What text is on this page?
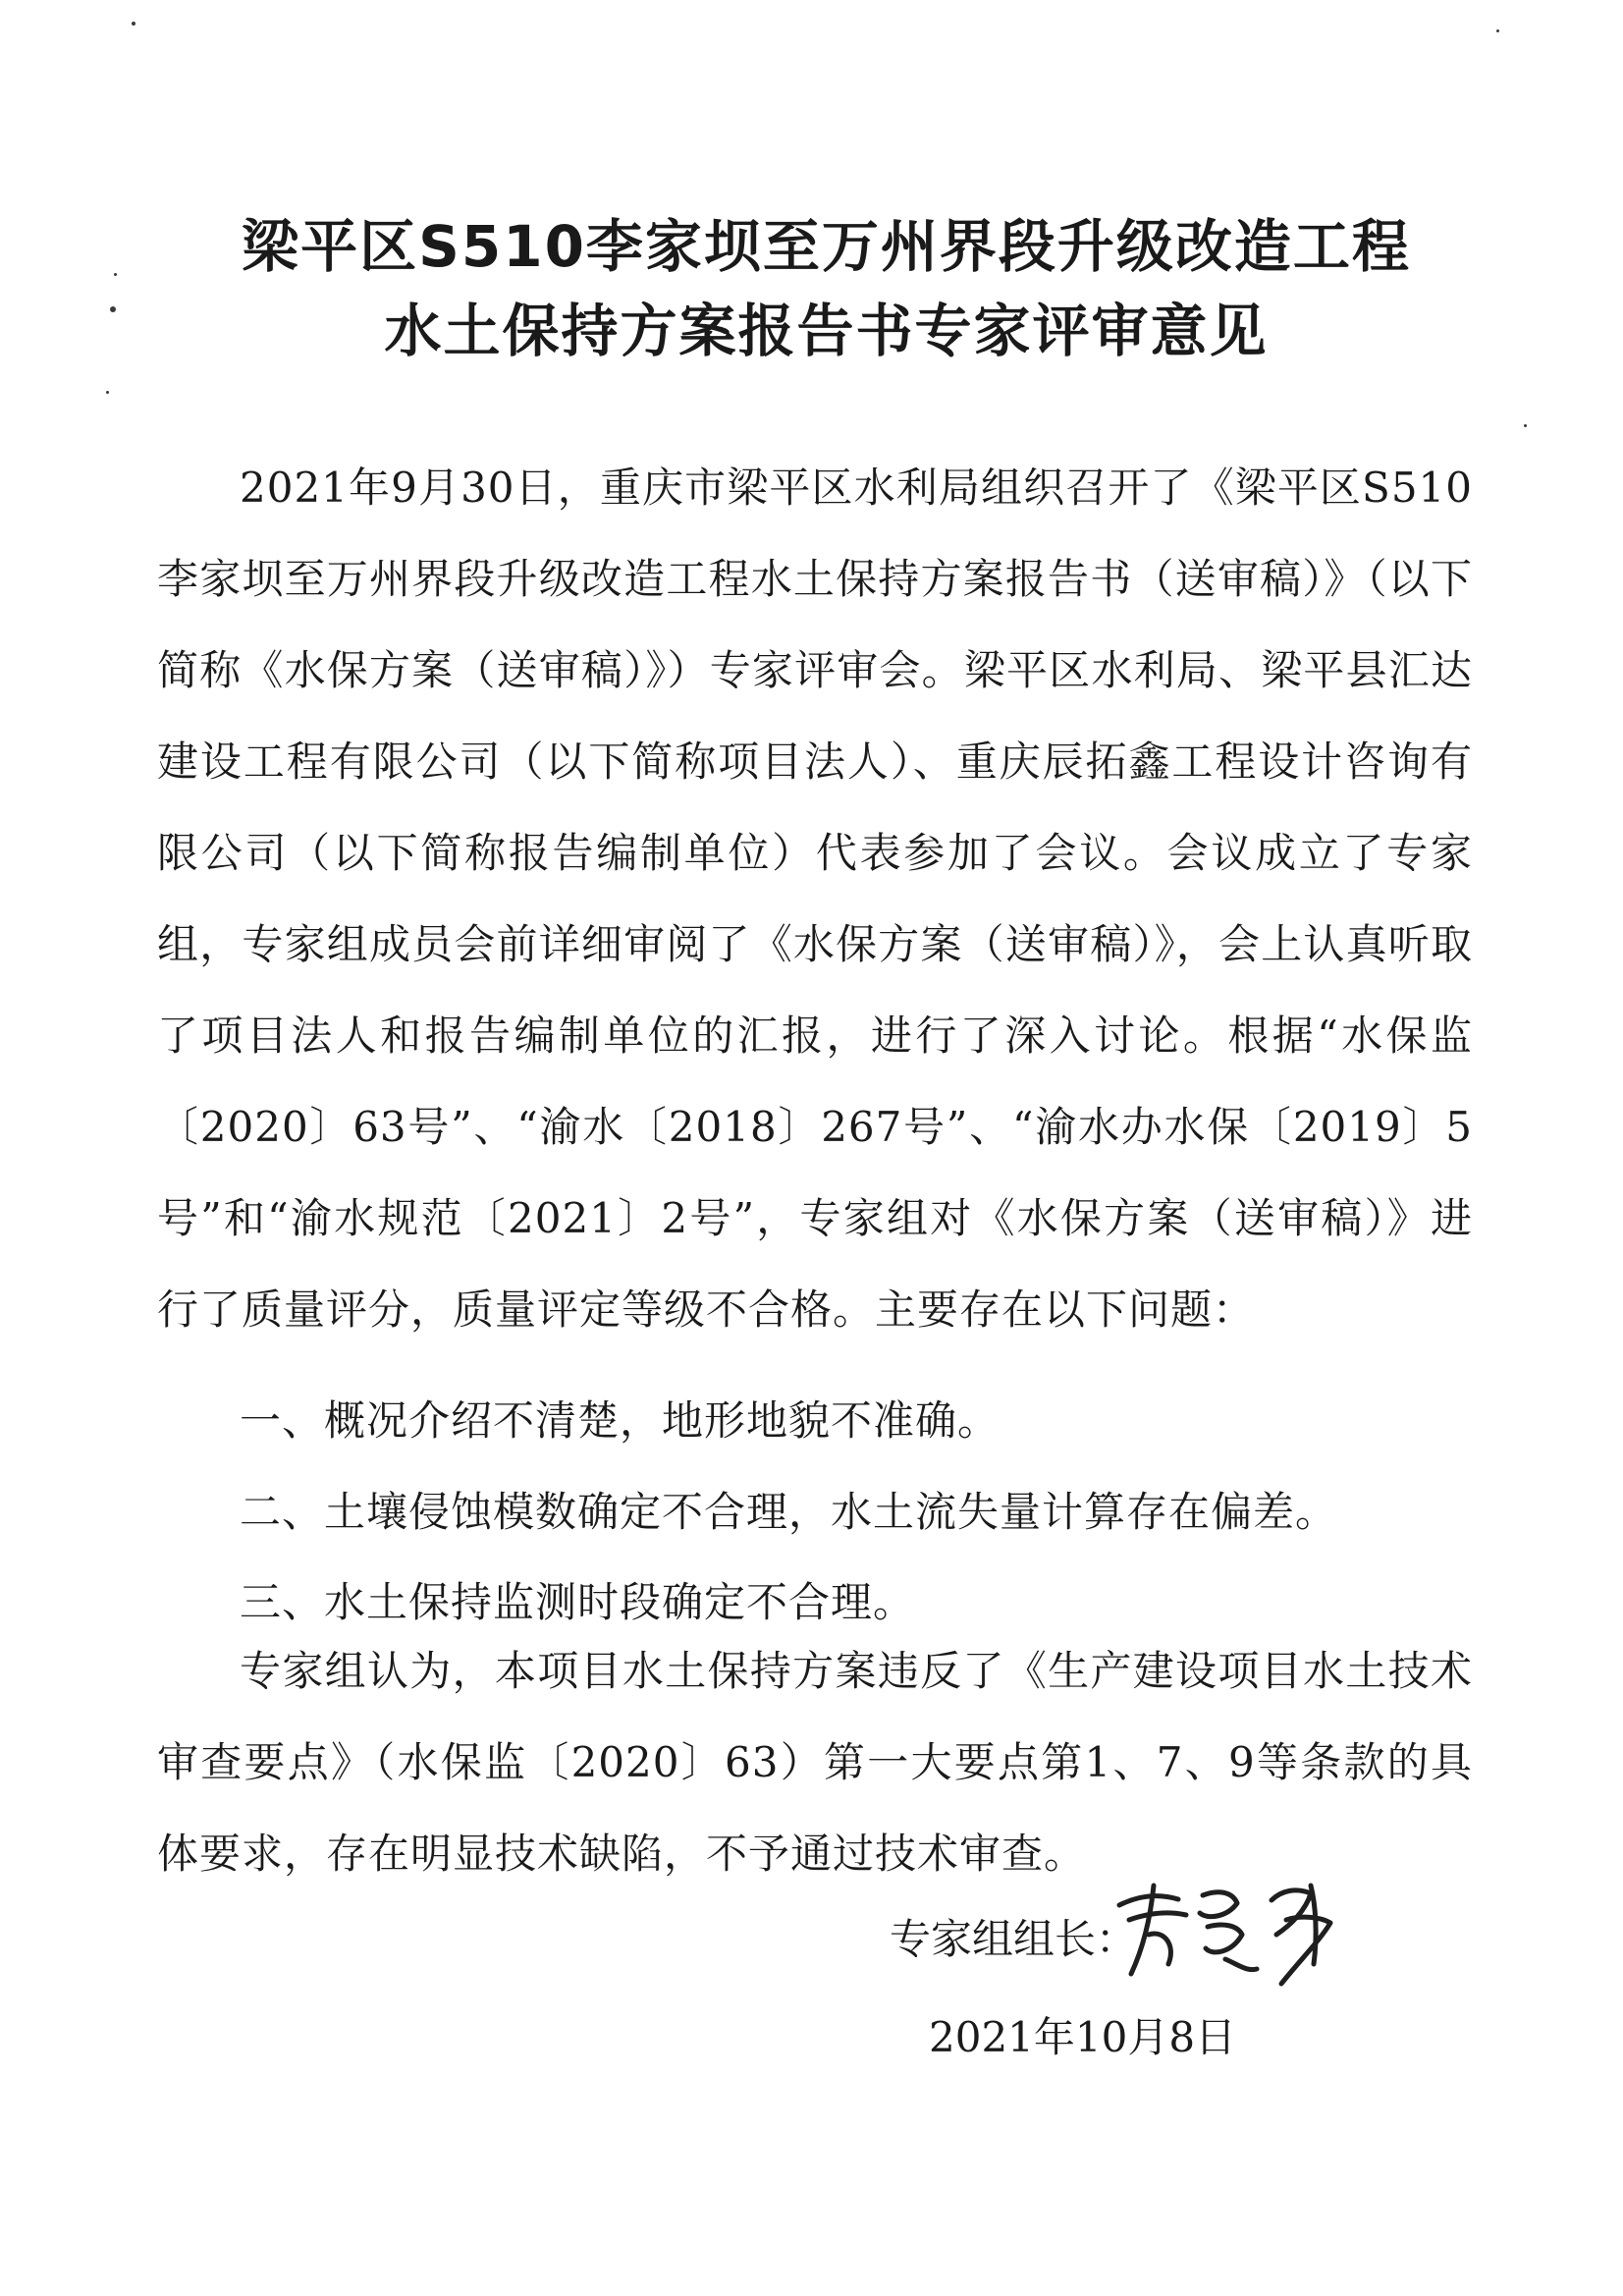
梁平区S510李家坝至万州界段升级改造工程
水土保持方案报告书专家评审意见
2021年9月30日，重庆市梁平区水利局组织召开了《梁平区S510李家坝至万州界段升级改造工程水土保持方案报告书（送审稿）》（以下简称《水保方案（送审稿）》）专家评审会。梁平区水利局、梁平县汇达建设工程有限公司（以下简称项目法人）、重庆辰拓鑫工程设计咨询有限公司（以下简称报告编制单位）代表参加了会议。会议成立了专家组，专家组成员会前详细审阅了《水保方案（送审稿）》，会上认真听取了项目法人和报告编制单位的汇报，进行了深入讨论。根据“水保监〔2020〕63号”、“渝水〔2018〕267号”、“渝水办水保〔2019〕5号”和“渝水规范〔2021〕2号”，专家组对《水保方案（送审稿）》进行了质量评分，质量评定等级不合格。主要存在以下问题：
一、概况介绍不清楚，地形地貌不准确。
二、土壤侵蚀模数确定不合理，水土流失量计算存在偏差。
三、水土保持监测时段确定不合理。
专家组认为，本项目水土保持方案违反了《生产建设项目水土技术审查要点》（水保监〔2020〕63）第一大要点第1、7、9等条款的具体要求，存在明显技术缺陷，不予通过技术审查。
专家组组长：
2021年10月8日
